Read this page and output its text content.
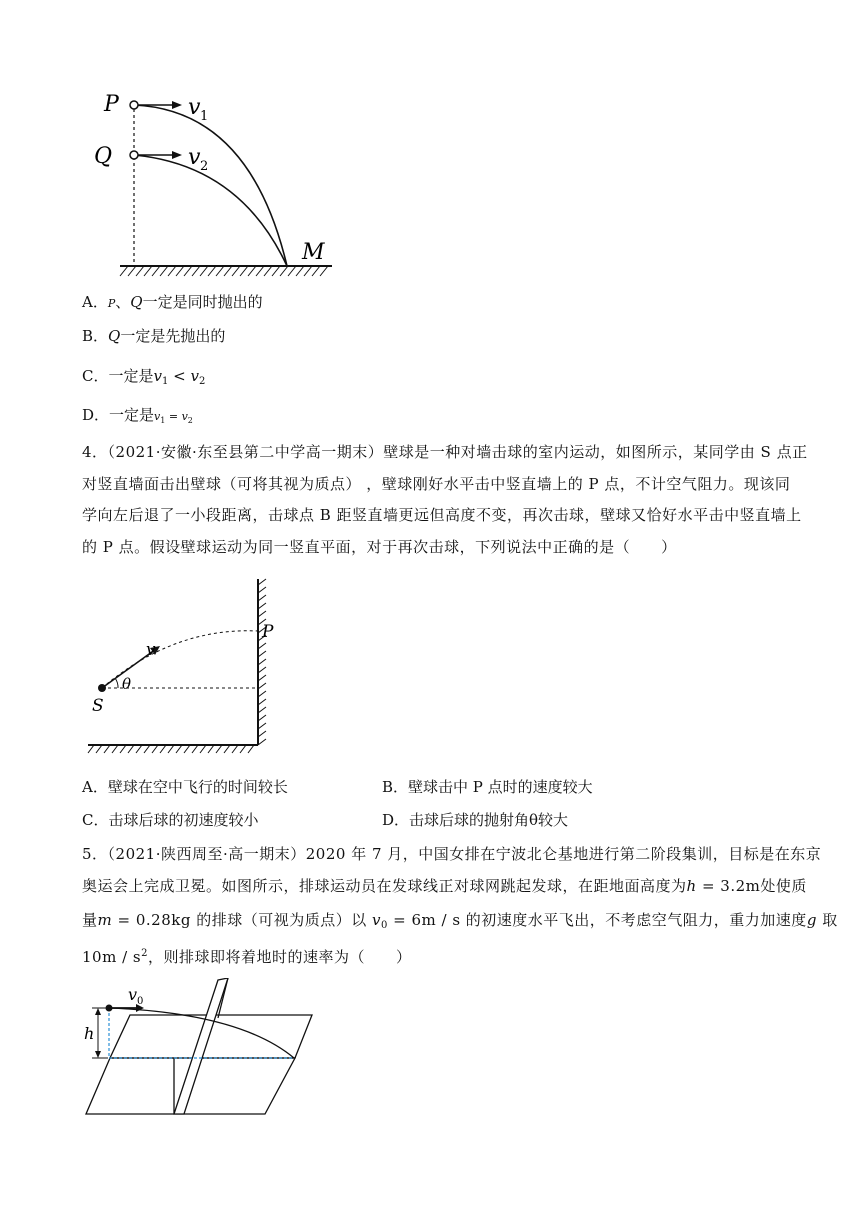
P
Q
M
v 1
v 2
A．P、Q一定是同时抛出的
B．Q一定是先抛出的
C．一定是$v_1 < v_2$
D．一定是$v_1 = v_2$
4．（2021·安徽·东至县第二中学高一期末）壁球是一种对墙击球的室内运动，如图所示，某同学由 S 点正
对竖直墙面击出壁球（可将其视为质点） ，壁球刚好水平击中竖直墙上的 P 点，不计空气阻力。现该同
学向左后退了一小段距离，击球点 B 距竖直墙更远但高度不变，再次击球，壁球又恰好水平击中竖直墙上
的 P 点。假设壁球运动为同一竖直平面，对于再次击球，下列说法中正确的是（　　）
v
θ
S
P
A．壁球在空中飞行的时间较长	B．壁球击中 P 点时的速度较大
C．击球后球的初速度较小	D．击球后球的抛射角θ较大
5．（2021·陕西周至·高一期末）2020 年 7 月，中国女排在宁波北仑基地进行第二阶段集训，目标是在东京
奥运会上完成卫冕。如图所示，排球运动员在发球线正对球网跳起发球，在距地面高度为h = 3.2m处使质
量m = 0.28kg 的排球（可视为质点）以 $v_0 = 6m / s$ 的初速度水平飞出，不考虑空气阻力，重力加速度g 取
$10m / s^2$，则排球即将着地时的速率为（　　）
v 0
h
